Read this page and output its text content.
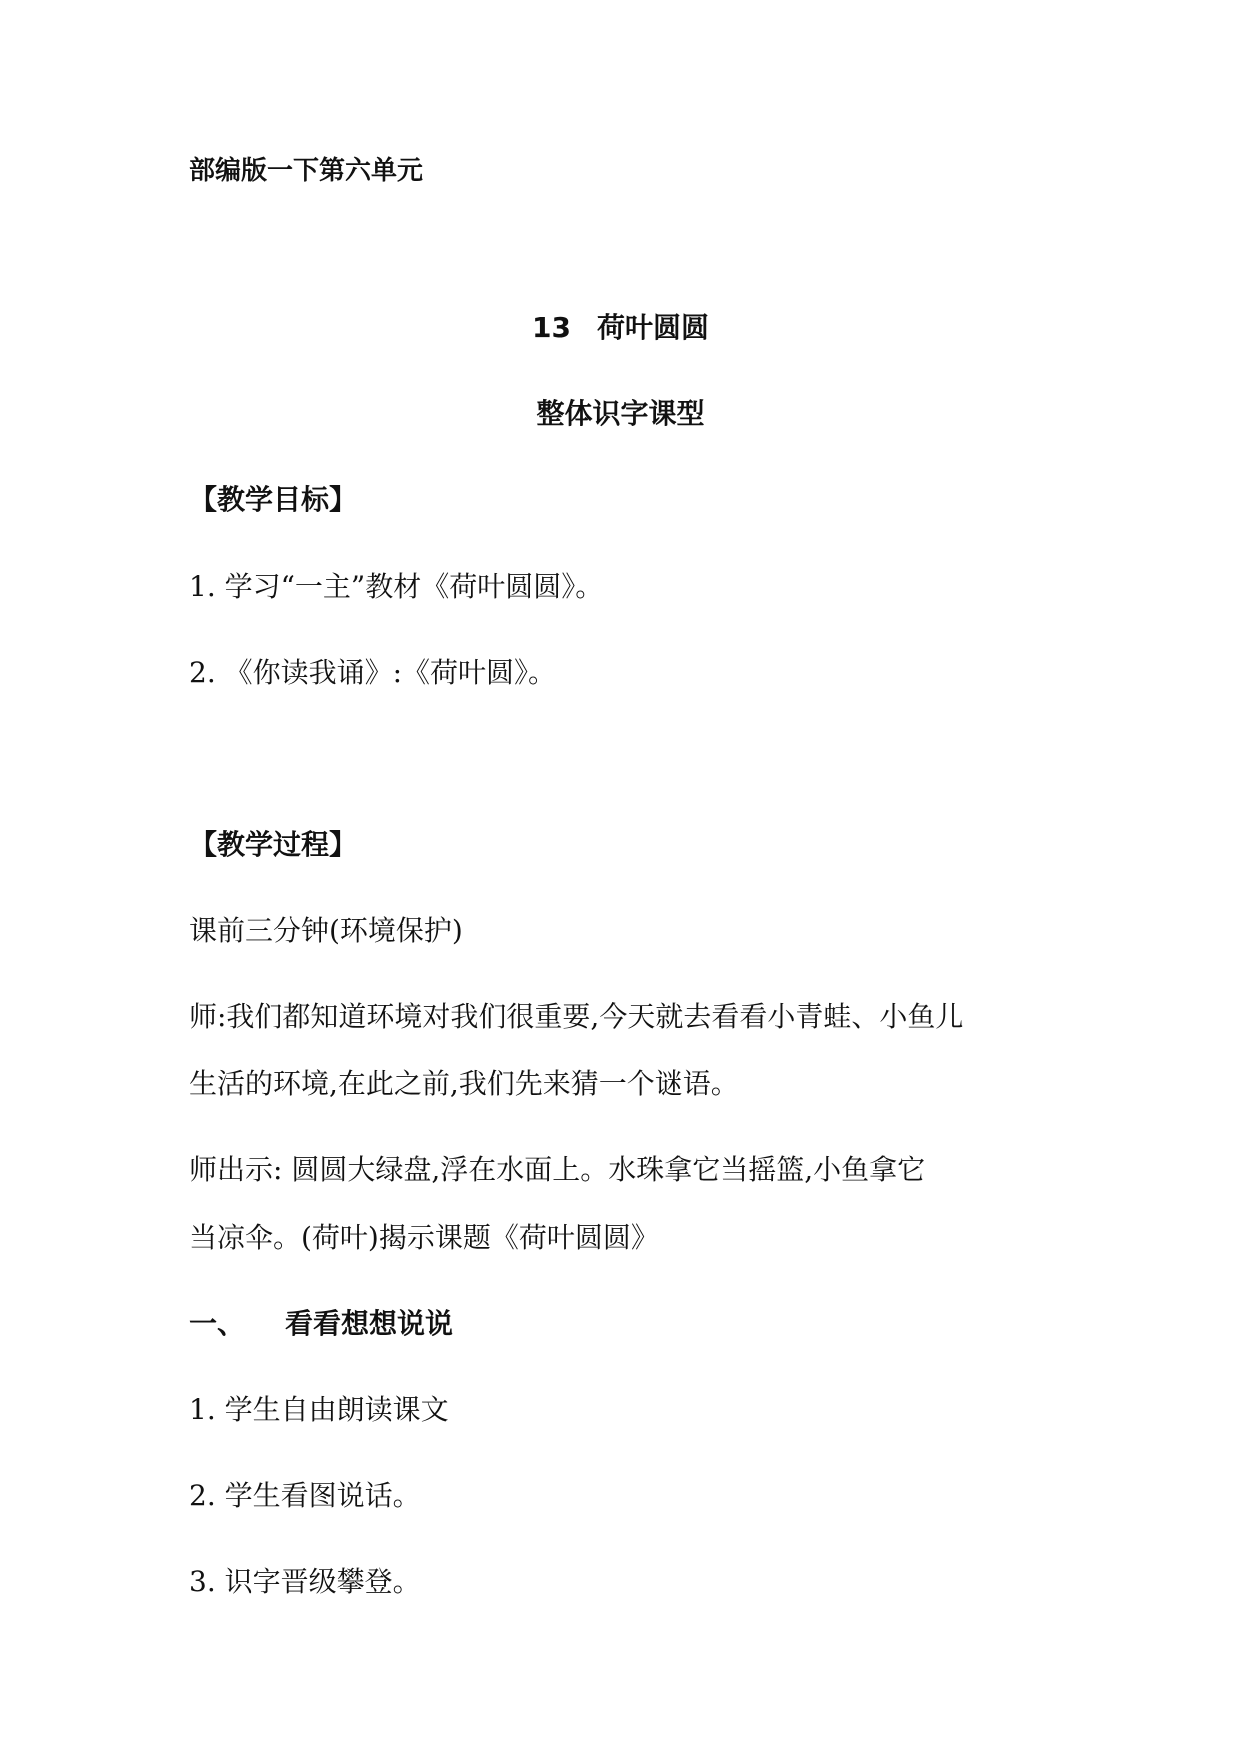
部编版一下第六单元
13 荷叶圆圆
整体识字课型
【教学目标】
1. 学习“一主”教材《荷叶圆圆》。
2. 《你读我诵》:《荷叶圆》。
【教学过程】
课前三分钟(环境保护)
师:我们都知道环境对我们很重要,今天就去看看小青蛙、小鱼儿
生活的环境,在此之前,我们先来猜一个谜语。
师出示: 圆圆大绿盘,浮在水面上。水珠拿它当摇篮,小鱼拿它
当凉伞。(荷叶)揭示课题《荷叶圆圆》
一、 看看想想说说
1. 学生自由朗读课文
2. 学生看图说话。
3. 识字晋级攀登。
